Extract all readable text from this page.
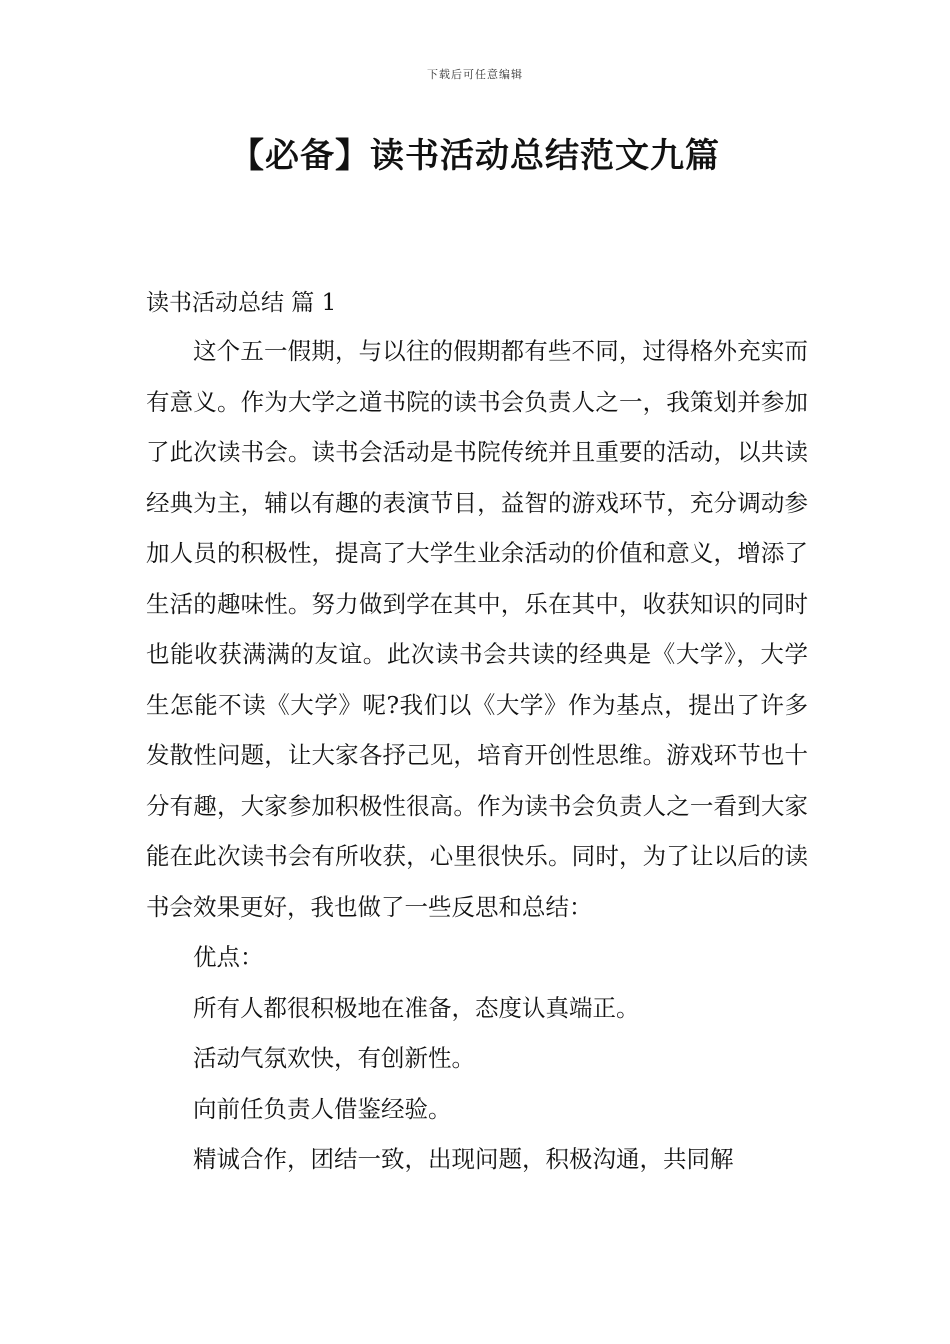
下载后可任意编辑
【必备】读书活动总结范文九篇
读书活动总结 篇 1

这个五一假期，与以往的假期都有些不同，过得格外充实而有意义。作为大学之道书院的读书会负责人之一，我策划并参加了此次读书会。读书会活动是书院传统并且重要的活动，以共读经典为主，辅以有趣的表演节目，益智的游戏环节，充分调动参加人员的积极性，提高了大学生业余活动的价值和意义，增添了生活的趣味性。努力做到学在其中，乐在其中，收获知识的同时也能收获满满的友谊。此次读书会共读的经典是《大学》，大学生怎能不读《大学》呢?我们以《大学》作为基点，提出了许多发散性问题，让大家各抒己见，培育开创性思维。游戏环节也十分有趣，大家参加积极性很高。作为读书会负责人之一看到大家能在此次读书会有所收获，心里很快乐。同时，为了让以后的读书会效果更好，我也做了一些反思和总结：

优点：

所有人都很积极地在准备，态度认真端正。

活动气氛欢快，有创新性。

向前任负责人借鉴经验。

精诚合作，团结一致，出现问题，积极沟通，共同解
